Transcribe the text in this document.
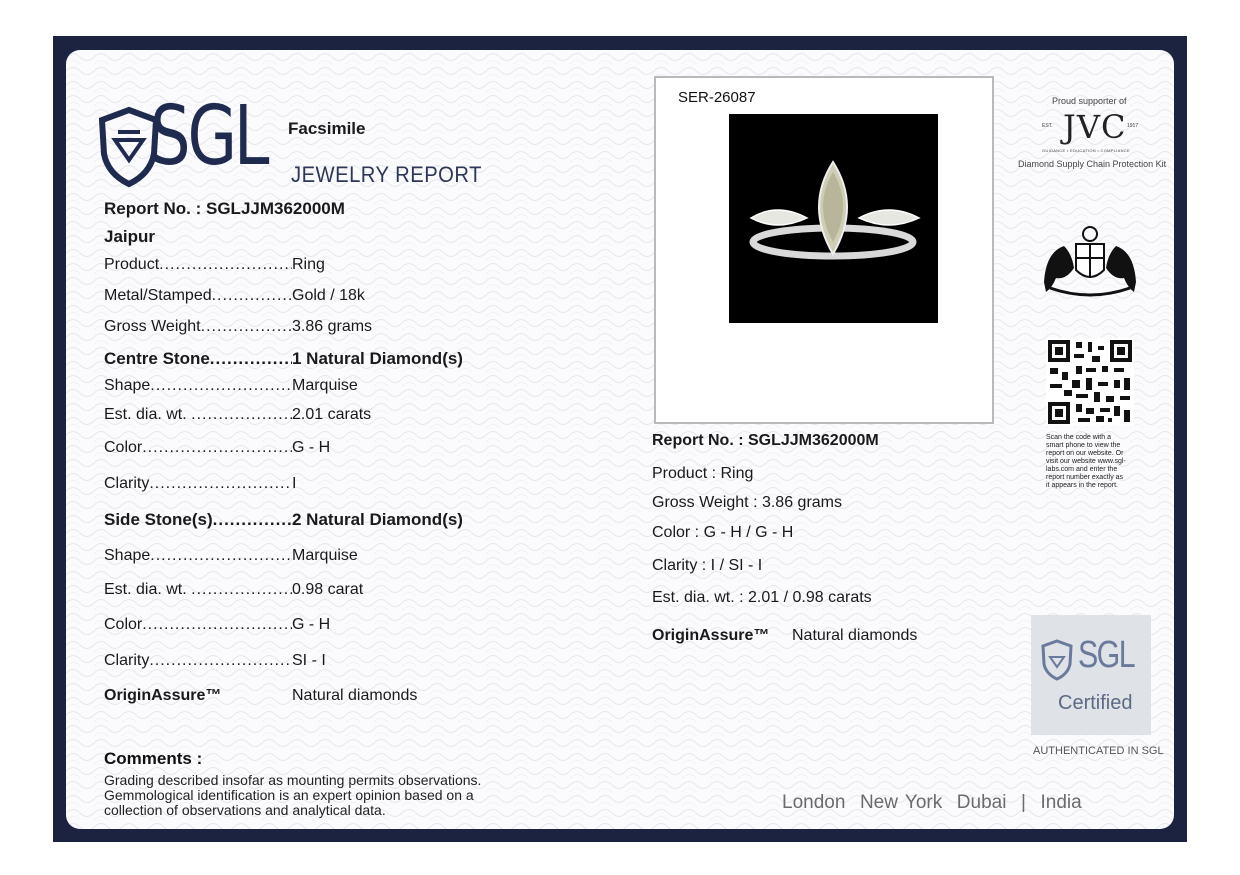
SGL Facsimile
JEWELRY REPORT
Report No. : SGLJJM362000M
Jaipur
Product .....	Ring
Metal/Stamped .....	Gold / 18k
Gross Weight .....	3.86 grams
Centre Stone .....	1 Natural Diamond(s)
Shape .....	Marquise
Est. dia. wt. .....	2.01 carats
Color .....	G - H
Clarity .....	I
Side Stone(s) .....	2 Natural Diamond(s)
Shape .....	Marquise
Est. dia. wt. .....	0.98 carat
Color .....	G - H
Clarity .....	SI - I
OriginAssure™	Natural diamonds
Comments :
Grading described insofar as mounting permits observations. Gemmological identification is an expert opinion based on a collection of observations and analytical data.
SER-26087
Report No. : SGLJJM362000M
Product : Ring
Gross Weight : 3.86 grams
Color : G - H / G - H
Clarity : I / SI - I
Est. dia. wt. : 2.01 / 0.98 carats
OriginAssure™ Natural diamonds
Proud supporter of
JVC
EST.	1917
GUIDANCE • EDUCATION • COMPLIANCE
Diamond Supply Chain Protection Kit
Scan the code with a smart phone to view the report on our website. Or visit our website www.sgl-labs.com and enter the report number exactly as it appears in the report.
SGL
Certified
AUTHENTICATED IN SGL
London  New York  Dubai  |  India
